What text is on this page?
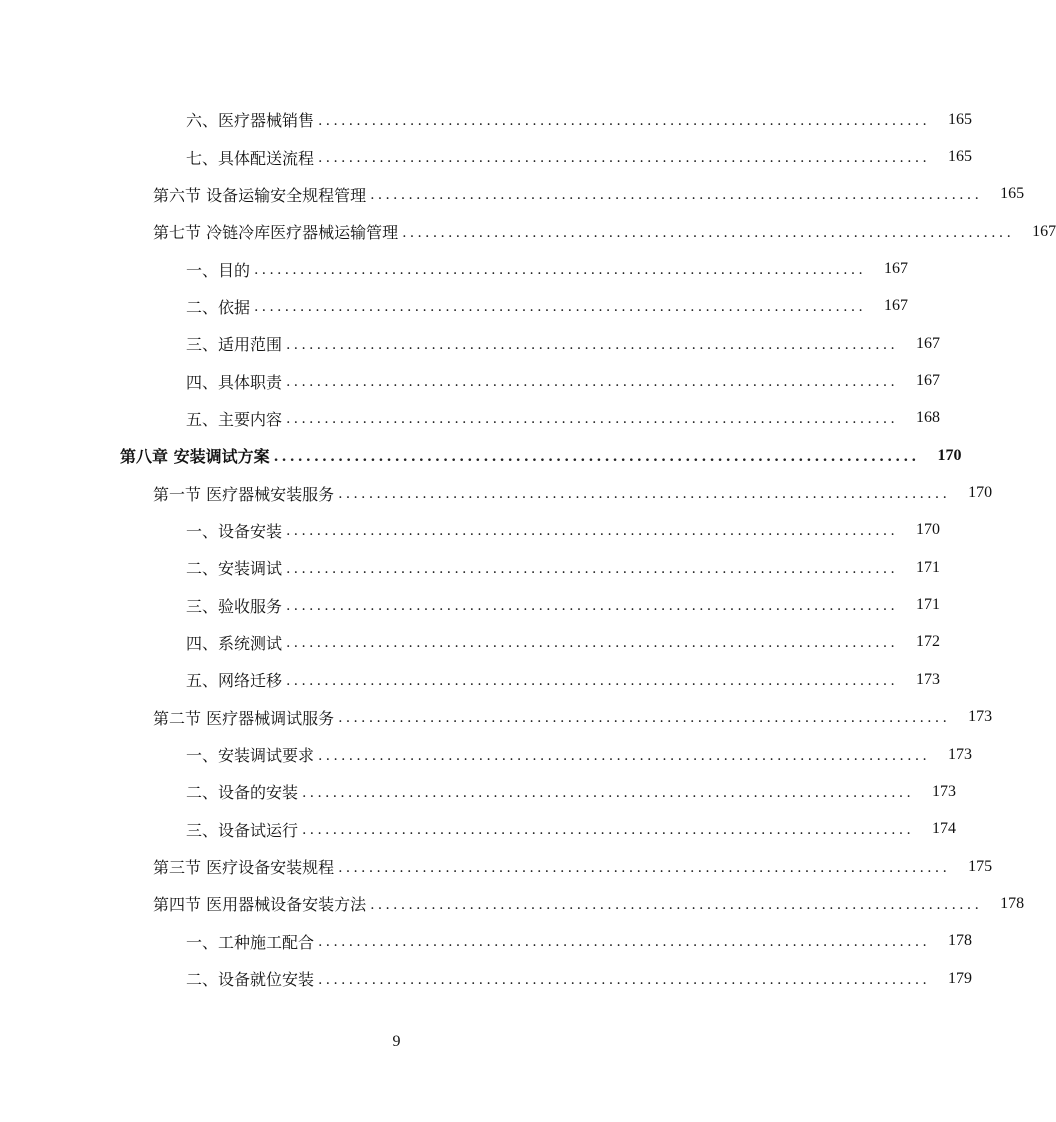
六、医疗器械销售 ................................................................................	165
七、具体配送流程 ................................................................................	165
第六节 设备运输安全规程管理 ................................................................................	165
第七节 冷链冷库医疗器械运输管理 ................................................................................	167
一、目的 ................................................................................	167
二、依据 ................................................................................	167
三、适用范围 ................................................................................	167
四、具体职责 ................................................................................	167
五、主要内容 ................................................................................	168
第八章 安装调试方案 ................................................................................	170
第一节 医疗器械安装服务 ................................................................................	170
一、设备安装 ................................................................................	170
二、安装调试 ................................................................................	171
三、验收服务 ................................................................................	171
四、系统测试 ................................................................................	172
五、网络迁移 ................................................................................	173
第二节 医疗器械调试服务 ................................................................................	173
一、安装调试要求 ................................................................................	173
二、设备的安装 ................................................................................	173
三、设备试运行 ................................................................................	174
第三节 医疗设备安装规程 ................................................................................	175
第四节 医用器械设备安装方法 ................................................................................	178
一、工种施工配合 ................................................................................	178
二、设备就位安装 ................................................................................	179
9
